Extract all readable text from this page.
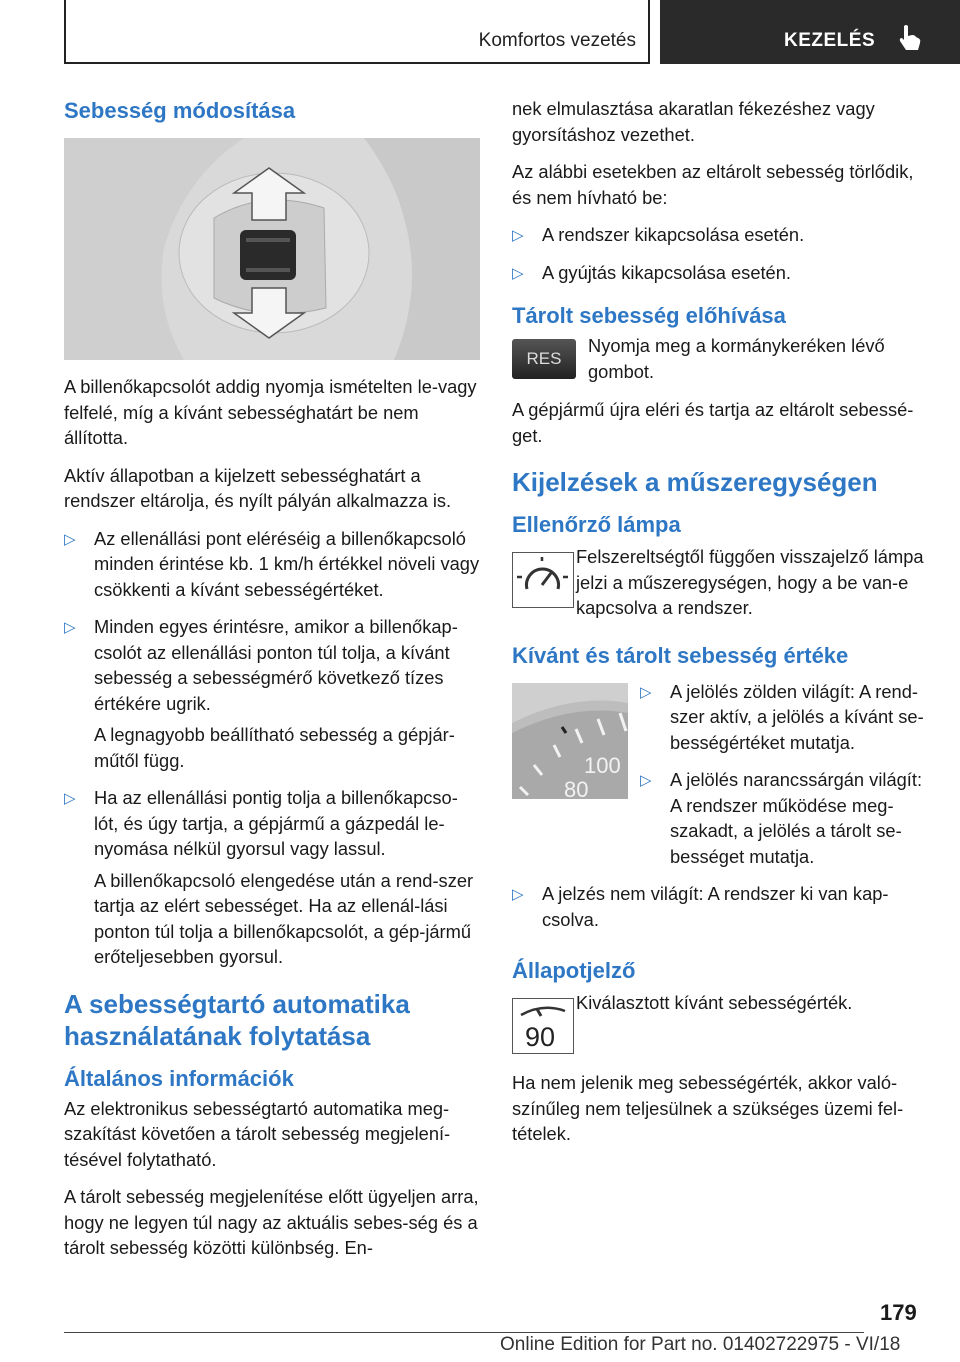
Komfortos vezetés	KEZELÉS
Sebesség módosítása

A billenőkapcsolót addig nyomja ismételten le-vagy felfelé, míg a kívánt sebességhatárt be nem állította.

Aktív állapotban a kijelzett sebességhatárt a rendszer eltárolja, és nyílt pályán alkalmazza is.

▷ Az ellenállási pont eléréséig a billenőkapcsoló minden érintése kb. 1 km/h értékkel növeli vagy csökkenti a kívánt sebességértéket.
▷ Minden egyes érintésre, amikor a billenőkap-csolót az ellenállási ponton túl tolja, a kívánt sebesség a sebességmérő következő tízes értékére ugrik.

A legnagyobb beállítható sebesség a gépjár-műtől függ.

▷ Ha az ellenállási pontig tolja a billenőkapcso-lót, és úgy tartja, a gépjármű a gázpedál le-nyomása nélkül gyorsul vagy lassul.

A billenőkapcsoló elengedése után a rend-szer tartja az elért sebességet. Ha az ellenál-lási ponton túl tolja a billenőkapcsolót, a gép-jármű erőteljesebben gyorsul.

A sebességtartó automatika használatának folytatása
Általános információk

Az elektronikus sebességtartó automatika meg-szakítást követően a tárolt sebesség megjelení-tésével folytatható.

A tárolt sebesség megjelenítése előtt ügyeljen arra, hogy ne legyen túl nagy az aktuális sebes-ség és a tárolt sebesség közötti különbség. En-

nek elmulasztása akaratlan fékezéshez vagy gyorsításhoz vezethet.

Az alábbi esetekben az eltárolt sebesség törlődik, és nem hívható be:

▷ A rendszer kikapcsolása esetén.
▷ A gyújtás kikapcsolása esetén.
Tárolt sebesség előhívása
RES
Nyomja meg a kormánykeréken lévő gombot.

A gépjármű újra eléri és tartja az eltárolt sebessé-get.

Kijelzések a műszeregységen
Ellenőrző lámpa
Felszereltségtől függően visszajelző lámpa jelzi a műszeregységen, hogy a be van-e kapcsolva a rendszer.
Kívánt és tárolt sebesség értéke
100
80
▷ A jelölés zölden világít: A rend-szer aktív, a jelölés a kívánt se-bességértéket mutatja.
▷ A jelölés narancssárgán világít: A rendszer működése meg-szakadt, a jelölés a tárolt se-bességet mutatja.
▷ A jelzés nem világít: A rendszer ki van kap-csolva.
Állapotjelző
90
Kiválasztott kívánt sebességérték.

Ha nem jelenik meg sebességérték, akkor való-színűleg nem teljesülnek a szükséges üzemi fel-tételek.

179
Online Edition for Part no. 01402722975 - VI/18
